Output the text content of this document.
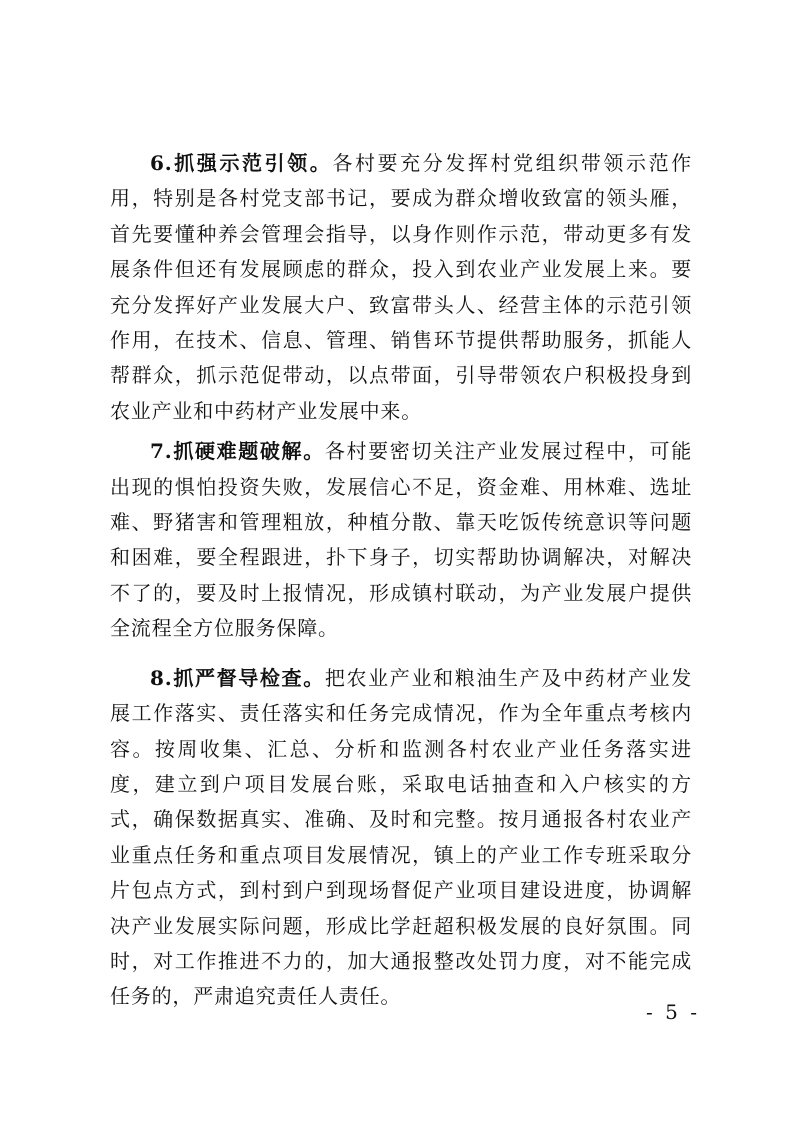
6.抓强示范引领。各村要充分发挥村党组织带领示范作用，特别是各村党支部书记，要成为群众增收致富的领头雁，首先要懂种养会管理会指导，以身作则作示范，带动更多有发展条件但还有发展顾虑的群众，投入到农业产业发展上来。要充分发挥好产业发展大户、致富带头人、经营主体的示范引领作用，在技术、信息、管理、销售环节提供帮助服务，抓能人帮群众，抓示范促带动，以点带面，引导带领农户积极投身到农业产业和中药材产业发展中来。

7.抓硬难题破解。各村要密切关注产业发展过程中，可能出现的惧怕投资失败，发展信心不足，资金难、用林难、选址难、野猪害和管理粗放，种植分散、靠天吃饭传统意识等问题和困难，要全程跟进，扑下身子，切实帮助协调解决，对解决不了的，要及时上报情况，形成镇村联动，为产业发展户提供全流程全方位服务保障。

8.抓严督导检查。把农业产业和粮油生产及中药材产业发展工作落实、责任落实和任务完成情况，作为全年重点考核内容。按周收集、汇总、分析和监测各村农业产业任务落实进度，建立到户项目发展台账，采取电话抽查和入户核实的方式，确保数据真实、准确、及时和完整。按月通报各村农业产业重点任务和重点项目发展情况，镇上的产业工作专班采取分片包点方式，到村到户到现场督促产业项目建设进度，协调解决产业发展实际问题，形成比学赶超积极发展的良好氛围。同时，对工作推进不力的，加大通报整改处罚力度，对不能完成任务的，严肃追究责任人责任。

- 5 -
